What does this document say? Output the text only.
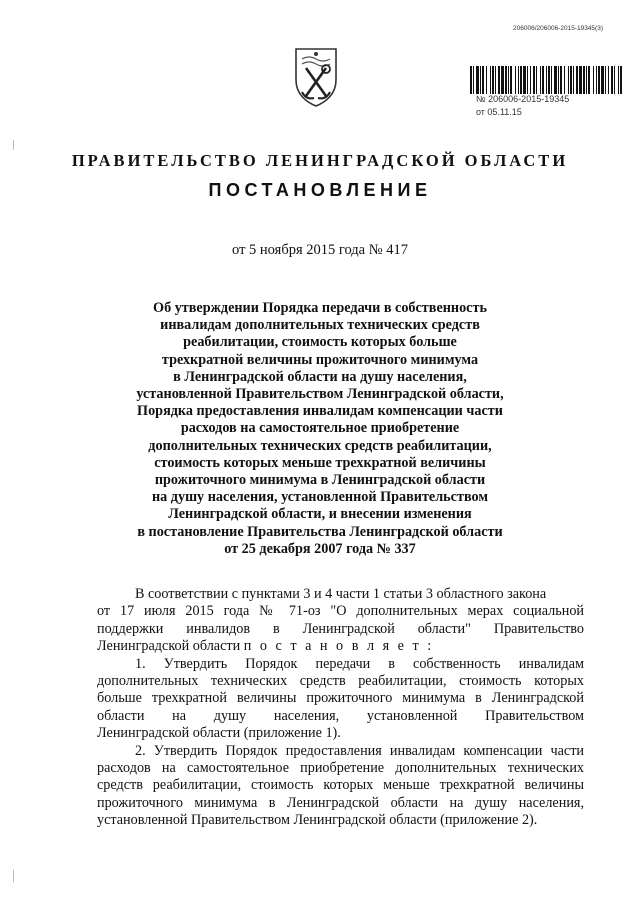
206006/206006-2015-19345(3)
№ 206006-2015-19345
от 05.11.15
ПРАВИТЕЛЬСТВО ЛЕНИНГРАДСКОЙ ОБЛАСТИ
ПОСТАНОВЛЕНИЕ
от 5 ноября 2015 года № 417
Об утверждении Порядка передачи в собственность
инвалидам дополнительных технических средств
реабилитации, стоимость которых больше
трехкратной величины прожиточного минимума
в Ленинградской области на душу населения,
установленной Правительством Ленинградской области,
Порядка предоставления инвалидам компенсации части
расходов на самостоятельное приобретение
дополнительных технических средств реабилитации,
стоимость которых меньше трехкратной величины
прожиточного минимума в Ленинградской области
на душу населения, установленной Правительством
Ленинградской области, и внесении изменения
в постановление Правительства Ленинградской области
от 25 декабря 2007 года № 337
В соответствии с пунктами 3 и 4 части 1 статьи 3 областного закона
от 17 июля 2015 года № 71-оз "О дополнительных мерах социальной
поддержки инвалидов в Ленинградской области" Правительство
Ленинградской области п о с т а н о в л я е т :
1. Утвердить Порядок передачи в собственность инвалидам
дополнительных технических средств реабилитации, стоимость которых
больше трехкратной величины прожиточного минимума в Ленинградской
области на душу населения, установленной Правительством
Ленинградской области (приложение 1).
2. Утвердить Порядок предоставления инвалидам компенсации части
расходов на самостоятельное приобретение дополнительных технических
средств реабилитации, стоимость которых меньше трехкратной величины
прожиточного минимума в Ленинградской области на душу населения,
установленной Правительством Ленинградской области (приложение 2).
